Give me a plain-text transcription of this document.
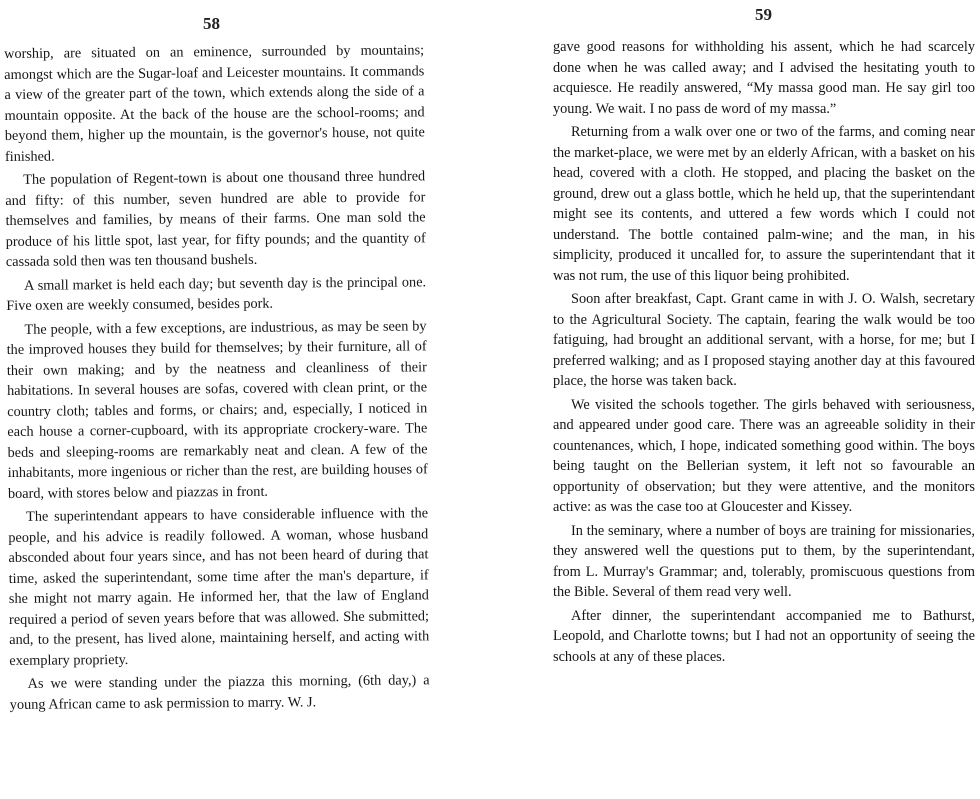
58

worship, are situated on an eminence, surrounded by mountains; amongst which are the Sugar-loaf and Leicester mountains. It commands a view of the greater part of the town, which extends along the side of a mountain opposite. At the back of the house are the school-rooms; and beyond them, higher up the mountain, is the governor's house, not quite finished.

The population of Regent-town is about one thousand three hundred and fifty: of this number, seven hundred are able to provide for themselves and families, by means of their farms. One man sold the produce of his little spot, last year, for fifty pounds; and the quantity of cassada sold then was ten thousand bushels.

A small market is held each day; but seventh day is the principal one. Five oxen are weekly consumed, besides pork.

The people, with a few exceptions, are industrious, as may be seen by the improved houses they build for themselves; by their furniture, all of their own making; and by the neatness and cleanliness of their habitations. In several houses are sofas, covered with clean print, or the country cloth; tables and forms, or chairs; and, especially, I noticed in each house a corner-cupboard, with its appropriate crockery-ware. The beds and sleeping-rooms are remarkably neat and clean. A few of the inhabitants, more ingenious or richer than the rest, are building houses of board, with stores below and piazzas in front.

The superintendant appears to have considerable influence with the people, and his advice is readily followed. A woman, whose husband absconded about four years since, and has not been heard of during that time, asked the superintendant, some time after the man's departure, if she might not marry again. He informed her, that the law of England required a period of seven years before that was allowed. She submitted; and, to the present, has lived alone, maintaining herself, and acting with exemplary propriety.

As we were standing under the piazza this morning, (6th day,) a young African came to ask permission to marry. W. J.

59

gave good reasons for withholding his assent, which he had scarcely done when he was called away; and I advised the hesitating youth to acquiesce. He readily answered, “My massa good man. He say girl too young. We wait. I no pass de word of my massa.”

Returning from a walk over one or two of the farms, and coming near the market-place, we were met by an elderly African, with a basket on his head, covered with a cloth. He stopped, and placing the basket on the ground, drew out a glass bottle, which he held up, that the superintendant might see its contents, and uttered a few words which I could not understand. The bottle contained palm-wine; and the man, in his simplicity, produced it uncalled for, to assure the superintendant that it was not rum, the use of this liquor being prohibited.

Soon after breakfast, Capt. Grant came in with J. O. Walsh, secretary to the Agricultural Society. The captain, fearing the walk would be too fatiguing, had brought an additional servant, with a horse, for me; but I preferred walking; and as I proposed staying another day at this favoured place, the horse was taken back.

We visited the schools together. The girls behaved with seriousness, and appeared under good care. There was an agreeable solidity in their countenances, which, I hope, indicated something good within. The boys being taught on the Bellerian system, it left not so favourable an opportunity of observation; but they were attentive, and the monitors active: as was the case too at Gloucester and Kissey.

In the seminary, where a number of boys are training for missionaries, they answered well the questions put to them, by the superintendant, from L. Murray's Grammar; and, tolerably, promiscuous questions from the Bible. Several of them read very well.

After dinner, the superintendant accompanied me to Bathurst, Leopold, and Charlotte towns; but I had not an opportunity of seeing the schools at any of these places.
